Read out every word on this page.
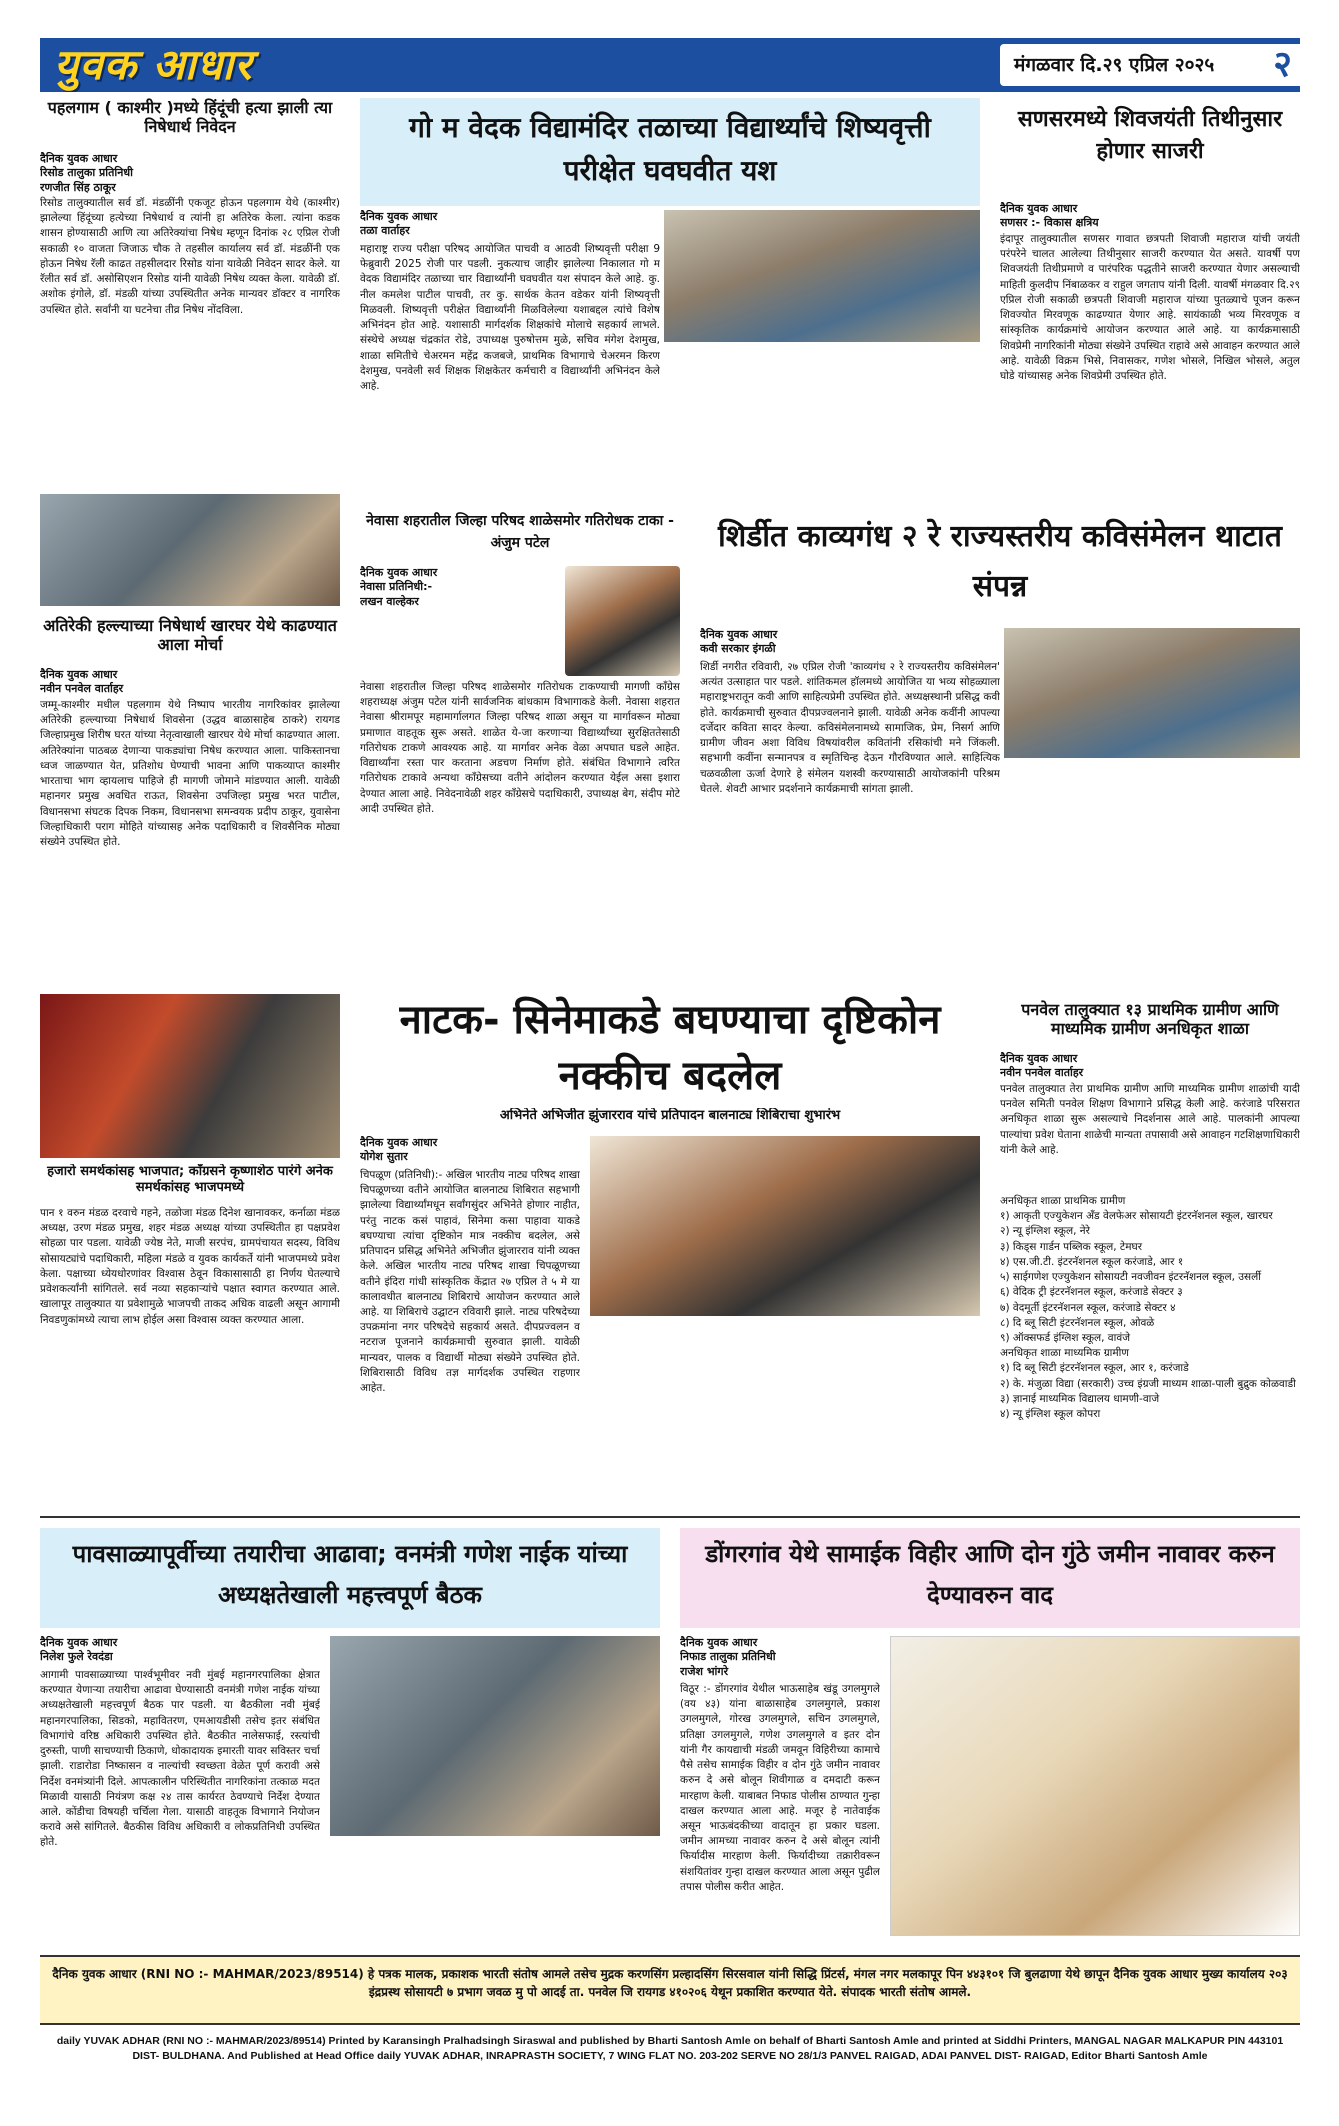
युवक आधार	मंगळवार दि.२९ एप्रिल २०२५	२
पहलगाम ( काश्मीर )मध्ये हिंदूंची हत्या झाली त्या निषेधार्थ निवेदन
दैनिक युवक आधार
रिसोड तालुका प्रतिनिधी
रणजीत सिंह ठाकूर
रिसोड तालुक्यातील सर्व डॉ. मंडळींनी एकजूट होऊन पहलगाम येथे (काश्मीर) झालेल्या हिंदूंच्या हत्येच्या निषेधार्थ व त्यांनी हा अतिरेक केला. त्यांना कडक शासन होण्यासाठी आणि त्या अतिरेक्यांचा निषेध म्हणून दिनांक २८ एप्रिल रोजी सकाळी १० वाजता जिजाऊ चौक ते तहसील कार्यालय सर्व डॉ. मंडळींनी एक होऊन निषेध रॅली काढत तहसीलदार रिसोड यांना यावेळी निवेदन सादर केले. या रॅलीत सर्व डॉ. असोसिएशन रिसोड यांनी यावेळी निषेध व्यक्त केला. यावेळी डॉ. अशोक इंगोले, डॉ. मंडळी यांच्या उपस्थितीत अनेक मान्यवर डॉक्टर व नागरिक उपस्थित होते. सर्वांनी या घटनेचा तीव्र निषेध नोंदविला.
गो म वेदक विद्यामंदिर तळाच्या विद्यार्थ्यांचे शिष्यवृत्ती परीक्षेत घवघवीत यश
दैनिक युवक आधार
तळा वार्ताहर
महाराष्ट्र राज्य परीक्षा परिषद आयोजित पाचवी व आठवी शिष्यवृत्ती परीक्षा 9 फेब्रुवारी 2025 रोजी पार पडली. नुकत्याच जाहीर झालेल्या निकालात गो म वेदक विद्यामंदिर तळाच्या चार विद्यार्थ्यांनी घवघवीत यश संपादन केले आहे. कु. नील कमलेश पाटील पाचवी, तर कु. सार्थक केतन वडेकर यांनी शिष्यवृत्ती मिळवली. शिष्यवृत्ती परीक्षेत विद्यार्थ्यांनी मिळविलेल्या यशाबद्दल त्यांचे विशेष अभिनंदन होत आहे. यशासाठी मार्गदर्शक शिक्षकांचे मोलाचे सहकार्य लाभले. संस्थेचे अध्यक्ष चंद्रकांत रोडे, उपाध्यक्ष पुरुषोत्तम मुळे, सचिव मंगेश देशमुख, शाळा समितीचे चेअरमन महेंद्र कजबजे, प्राथमिक विभागाचे चेअरमन किरण देशमुख, पनवेली सर्व शिक्षक शिक्षकेतर कर्मचारी व विद्यार्थ्यांनी अभिनंदन केले आहे.
सणसरमध्ये शिवजयंती तिथीनुसार होणार साजरी
दैनिक युवक आधार
सणसर :- विकास क्षत्रिय
इंदापूर तालुक्यातील सणसर गावात छत्रपती शिवाजी महाराज यांची जयंती परंपरेने चालत आलेल्या तिथीनुसार साजरी करण्यात येत असते. यावर्षी पण शिवजयंती तिथीप्रमाणे व पारंपरिक पद्धतीने साजरी करण्यात येणार असल्याची माहिती कुलदीप निंबाळकर व राहुल जगताप यांनी दिली. यावर्षी मंगळवार दि.२९ एप्रिल रोजी सकाळी छत्रपती शिवाजी महाराज यांच्या पुतळ्याचे पूजन करून शिवज्योत मिरवणूक काढण्यात येणार आहे. सायंकाळी भव्य मिरवणूक व सांस्कृतिक कार्यक्रमांचे आयोजन करण्यात आले आहे. या कार्यक्रमासाठी शिवप्रेमी नागरिकांनी मोठ्या संख्येने उपस्थित राहावे असे आवाहन करण्यात आले आहे. यावेळी विक्रम भिसे, निवासकर, गणेश भोसले, निखिल भोसले, अतुल घोडे यांच्यासह अनेक शिवप्रेमी उपस्थित होते.
अतिरेकी हल्ल्याच्या निषेधार्थ खारघर येथे काढण्यात आला मोर्चा
दैनिक युवक आधार
नवीन पनवेल वार्ताहर
जम्मू-काश्मीर मधील पहलगाम येथे निष्पाप भारतीय नागरिकांवर झालेल्या अतिरेकी हल्ल्याच्या निषेधार्थ शिवसेना (उद्धव बाळासाहेब ठाकरे) रायगड जिल्हाप्रमुख शिरीष घरत यांच्या नेतृत्वाखाली खारघर येथे मोर्चा काढण्यात आला. अतिरेक्यांना पाठबळ देणाऱ्या पाकड्यांचा निषेध करण्यात आला. पाकिस्तानचा ध्वज जाळण्यात येत, प्रतिशोध घेण्याची भावना आणि पाकव्याप्त काश्मीर भारताचा भाग व्हायलाच पाहिजे ही मागणी जोमाने मांडण्यात आली. यावेळी महानगर प्रमुख अवधित राऊत, शिवसेना उपजिल्हा प्रमुख भरत पाटील, विधानसभा संघटक दिपक निकम, विधानसभा समन्वयक प्रदीप ठाकूर, युवासेना जिल्हाधिकारी पराग मोहिते यांच्यासह अनेक पदाधिकारी व शिवसैनिक मोठ्या संख्येने उपस्थित होते.
नेवासा शहरातील जिल्हा परिषद शाळेसमोर गतिरोधक टाका - अंजुम पटेल
दैनिक युवक आधार
नेवासा प्रतिनिधी:-
लखन वाल्हेकर
नेवासा शहरातील जिल्हा परिषद शाळेसमोर गतिरोधक टाकण्याची मागणी काँग्रेस शहराध्यक्ष अंजुम पटेल यांनी सार्वजनिक बांधकाम विभागाकडे केली. नेवासा शहरात नेवासा श्रीरामपूर महामार्गालगत जिल्हा परिषद शाळा असून या मार्गावरून मोठ्या प्रमाणात वाहतूक सुरू असते. शाळेत ये-जा करणाऱ्या विद्यार्थ्यांच्या सुरक्षिततेसाठी गतिरोधक टाकणे आवश्यक आहे. या मार्गावर अनेक वेळा अपघात घडले आहेत. विद्यार्थ्यांना रस्ता पार करताना अडचण निर्माण होते. संबंधित विभागाने त्वरित गतिरोधक टाकावे अन्यथा काँग्रेसच्या वतीने आंदोलन करण्यात येईल असा इशारा देण्यात आला आहे. निवेदनावेळी शहर काँग्रेसचे पदाधिकारी, उपाध्यक्ष बेग, संदीप मोटे आदी उपस्थित होते.
शिर्डीत काव्यगंध २ रे राज्यस्तरीय कविसंमेलन थाटात संपन्न
दैनिक युवक आधार
कवी सरकार इंगळी
शिर्डी नगरीत रविवारी, २७ एप्रिल रोजी 'काव्यगंध २ रे राज्यस्तरीय कविसंमेलन' अत्यंत उत्साहात पार पडले. शांतिकमल हॉलमध्ये आयोजित या भव्य सोहळ्याला महाराष्ट्रभरातून कवी आणि साहित्यप्रेमी उपस्थित होते. अध्यक्षस्थानी प्रसिद्ध कवी होते. कार्यक्रमाची सुरुवात दीपप्रज्वलनाने झाली. यावेळी अनेक कवींनी आपल्या दर्जेदार कविता सादर केल्या. कविसंमेलनामध्ये सामाजिक, प्रेम, निसर्ग आणि ग्रामीण जीवन अशा विविध विषयांवरील कवितांनी रसिकांची मने जिंकली. सहभागी कवींना सन्मानपत्र व स्मृतिचिन्ह देऊन गौरविण्यात आले. साहित्यिक चळवळीला ऊर्जा देणारे हे संमेलन यशस्वी करण्यासाठी आयोजकांनी परिश्रम घेतले. शेवटी आभार प्रदर्शनाने कार्यक्रमाची सांगता झाली.
हजारो समर्थकांसह भाजपात; काँग्रसने कृष्णाशेठ पारंगे अनेक समर्थकांसह भाजपमध्ये
पान १ वरुन मंडळ दरवाचे गहने, तळोजा मंडळ दिनेश खानावकर, कर्नाळा मंडळ अध्यक्ष, उरण मंडळ प्रमुख, शहर मंडळ अध्यक्ष यांच्या उपस्थितीत हा पक्षप्रवेश सोहळा पार पडला. यावेळी ज्येष्ठ नेते, माजी सरपंच, ग्रामपंचायत सदस्य, विविध सोसायट्यांचे पदाधिकारी, महिला मंडळे व युवक कार्यकर्ते यांनी भाजपमध्ये प्रवेश केला. पक्षाच्या ध्येयधोरणांवर विश्वास ठेवून विकासासाठी हा निर्णय घेतल्याचे प्रवेशकर्त्यांनी सांगितले. सर्व नव्या सहकाऱ्यांचे पक्षात स्वागत करण्यात आले. खालापूर तालुक्यात या प्रवेशामुळे भाजपची ताकद अधिक वाढली असून आगामी निवडणुकांमध्ये त्याचा लाभ होईल असा विश्वास व्यक्त करण्यात आला.
नाटक- सिनेमाकडे बघण्याचा दृष्टिकोन नक्कीच बदलेल
अभिनेते अभिजीत झुंजारराव यांचे प्रतिपादन बालनाट्य शिबिराचा शुभारंभ
दैनिक युवक आधार
योगेश सुतार
चिपळूण (प्रतिनिधी):- अखिल भारतीय नाट्य परिषद शाखा चिपळूणच्या वतीने आयोजित बालनाट्य शिबिरात सहभागी झालेल्या विद्यार्थ्यांमधून सर्वांगसुंदर अभिनेते होणार नाहीत, परंतु नाटक कसं पाहावं, सिनेमा कसा पाहावा याकडे बघण्याचा त्यांचा दृष्टिकोन मात्र नक्कीच बदलेल, असे प्रतिपादन प्रसिद्ध अभिनेते अभिजीत झुंजारराव यांनी व्यक्त केले. अखिल भारतीय नाट्य परिषद शाखा चिपळूणच्या वतीने इंदिरा गांधी सांस्कृतिक केंद्रात २७ एप्रिल ते ५ मे या कालावधीत बालनाट्य शिबिराचे आयोजन करण्यात आले आहे. या शिबिराचे उद्घाटन रविवारी झाले. नाट्य परिषदेच्या उपक्रमांना नगर परिषदेचे सहकार्य असते. दीपप्रज्वलन व नटराज पूजनाने कार्यक्रमाची सुरुवात झाली. यावेळी मान्यवर, पालक व विद्यार्थी मोठ्या संख्येने उपस्थित होते. शिबिरासाठी विविध तज्ञ मार्गदर्शक उपस्थित राहणार आहेत.
पनवेल तालुक्यात १३ प्राथमिक ग्रामीण आणि माध्यमिक ग्रामीण अनधिकृत शाळा
दैनिक युवक आधार
नवीन पनवेल वार्ताहर
पनवेल तालुक्यात तेरा प्राथमिक ग्रामीण आणि माध्यमिक ग्रामीण शाळांची यादी पनवेल समिती पनवेल शिक्षण विभागाने प्रसिद्ध केली आहे. करंजाडे परिसरात अनधिकृत शाळा सुरू असल्याचे निदर्शनास आले आहे. पालकांनी आपल्या पाल्यांचा प्रवेश घेताना शाळेची मान्यता तपासावी असे आवाहन गटशिक्षणाधिकारी यांनी केले आहे.
अनधिकृत शाळा प्राथमिक ग्रामीण
१) आकृती एज्युकेशन ॲंड वेलफेअर सोसायटी इंटरनॅशनल स्कूल, खारघर
२) न्यू इंग्लिश स्कूल, नेरे
३) किड्स गार्डन पब्लिक स्कूल, टेमघर
४) एस.जी.टी. इंटरनॅशनल स्कूल करंजाडे, आर १
५) साईगणेश एज्युकेशन सोसायटी नवजीवन इंटरनॅशनल स्कूल, उसर्ली
६) वेदिक ट्री इंटरनॅशनल स्कूल, करंजाडे सेक्टर ३
७) वेदमूर्ती इंटरनॅशनल स्कूल, करंजाडे सेक्टर ४
८) दि ब्लू सिटी इंटरनॅशनल स्कूल, ओवळे
९) ऑक्सफर्ड इंग्लिश स्कूल, वावंजे
अनधिकृत शाळा माध्यमिक ग्रामीण
१) दि ब्लू सिटी इंटरनॅशनल स्कूल, आर १, करंजाडे
२) के. मंजुळा विद्या (सरकारी) उच्च इंग्रजी माध्यम शाळा-पाली बुद्रुक कोळवाडी
३) ज्ञानाई माध्यमिक विद्यालय धामणी-वाजे
४) न्यू इंग्लिश स्कूल कोपरा
पावसाळ्यापूर्वीच्या तयारीचा आढावा; वनमंत्री गणेश नाईक यांच्या अध्यक्षतेखाली महत्त्वपूर्ण बैठक
दैनिक युवक आधार
निलेश फुले रेवदंडा
आगामी पावसाळ्याच्या पार्श्वभूमीवर नवी मुंबई महानगरपालिका क्षेत्रात करण्यात येणाऱ्या तयारीचा आढावा घेण्यासाठी वनमंत्री गणेश नाईक यांच्या अध्यक्षतेखाली महत्त्वपूर्ण बैठक पार पडली. या बैठकीला नवी मुंबई महानगरपालिका, सिडको, महावितरण, एमआयडीसी तसेच इतर संबंधित विभागांचे वरिष्ठ अधिकारी उपस्थित होते. बैठकीत नालेसफाई, रस्त्यांची दुरुस्ती, पाणी साचण्याची ठिकाणे, धोकादायक इमारती यावर सविस्तर चर्चा झाली. राडारोडा निष्कासन व नाल्यांची स्वच्छता वेळेत पूर्ण करावी असे निर्देश वनमंत्र्यांनी दिले. आपत्कालीन परिस्थितीत नागरिकांना तत्काळ मदत मिळावी यासाठी नियंत्रण कक्ष २४ तास कार्यरत ठेवण्याचे निर्देश देण्यात आले. कोंडीचा विषयही चर्चिला गेला. यासाठी वाहतूक विभागाने नियोजन करावे असे सांगितले. बैठकीस विविध अधिकारी व लोकप्रतिनिधी उपस्थित होते.
डोंगरगांव येथे सामाईक विहीर आणि दोन गुंठे जमीन नावावर करुन देण्यावरुन वाद
दैनिक युवक आधार
निफाड तालुका प्रतिनिधी
राजेश भांगरे
विठूर :- डोंगरगांव येथील भाऊसाहेब खंडू उगलमुगले (वय ४३) यांना बाळासाहेब उगलमुगले, प्रकाश उगलमुगले, गोरख उगलमुगले, सचिन उगलमुगले, प्रतिक्षा उगलमुगले, गणेश उगलमुगले व इतर दोन यांनी गैर कायद्याची मंडळी जमवून विहिरीच्या कामाचे पैसे तसेच सामाईक विहीर व दोन गुंठे जमीन नावावर करुन दे असे बोलून शिवीगाळ व दमदाटी करून मारहाण केली. याबाबत निफाड पोलीस ठाण्यात गुन्हा दाखल करण्यात आला आहे. मजूर हे नातेवाईक असून भाऊबंदकीच्या वादातून हा प्रकार घडला. जमीन आमच्या नावावर करुन दे असे बोलून त्यांनी फिर्यादीस मारहाण केली. फिर्यादीच्या तक्रारीवरून संशयितांवर गुन्हा दाखल करण्यात आला असून पुढील तपास पोलीस करीत आहेत.
दैनिक युवक आधार (RNI NO :- MAHMAR/2023/89514) हे पत्रक मालक, प्रकाशक भारती संतोष आमले तसेच मुद्रक करणसिंग प्रल्हादसिंग सिरसवाल यांनी सिद्धि प्रिंटर्स, मंगल नगर मलकापूर पिन ४४३१०१ जि बुलढाणा येथे छापून दैनिक युवक आधार मुख्य कार्यालय २०३ इंद्रप्रस्थ सोसायटी ७ प्रभाग जवळ मु पो आदई ता. पनवेल जि रायगड ४१०२०६ येथून प्रकाशित करण्यात येते. संपादक भारती संतोष आमले.
daily YUVAK ADHAR (RNI NO :- MAHMAR/2023/89514) Printed by Karansingh Pralhadsingh Siraswal and published by Bharti Santosh Amle on behalf of Bharti Santosh Amle and printed at Siddhi Printers, MANGAL NAGAR MALKAPUR PIN 443101 DIST- BULDHANA. And Published at Head Office daily YUVAK ADHAR, INRAPRASTH SOCIETY, 7 WING FLAT NO. 203-202 SERVE NO 28/1/3 PANVEL RAIGAD, ADAI PANVEL DIST- RAIGAD, Editor Bharti Santosh Amle
